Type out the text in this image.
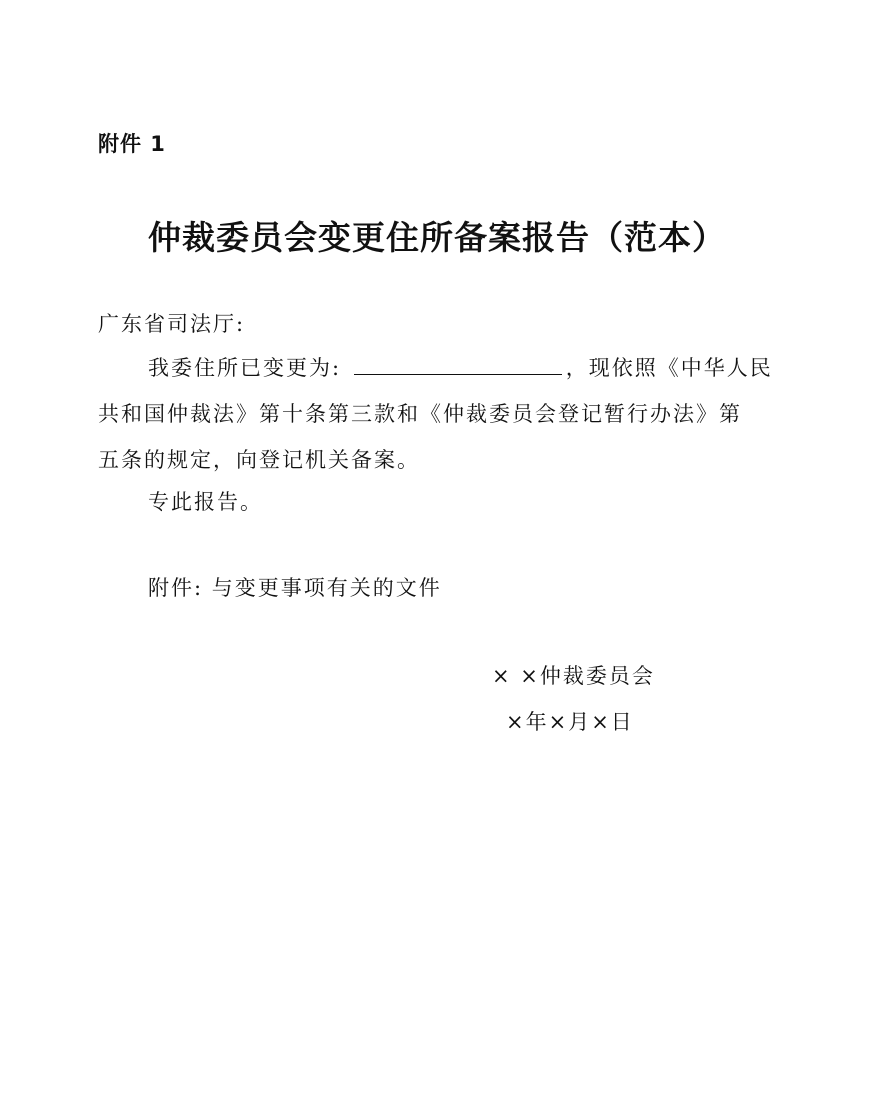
附件 1
仲裁委员会变更住所备案报告（范本）
广东省司法厅:
我委住所已变更为:	，现依照《中华人民
共和国仲裁法》第十条第三款和《仲裁委员会登记暂行办法》第
五条的规定，向登记机关备案。
专此报告。
附件: 与变更事项有关的文件
× ×仲裁委员会
×年×月×日
